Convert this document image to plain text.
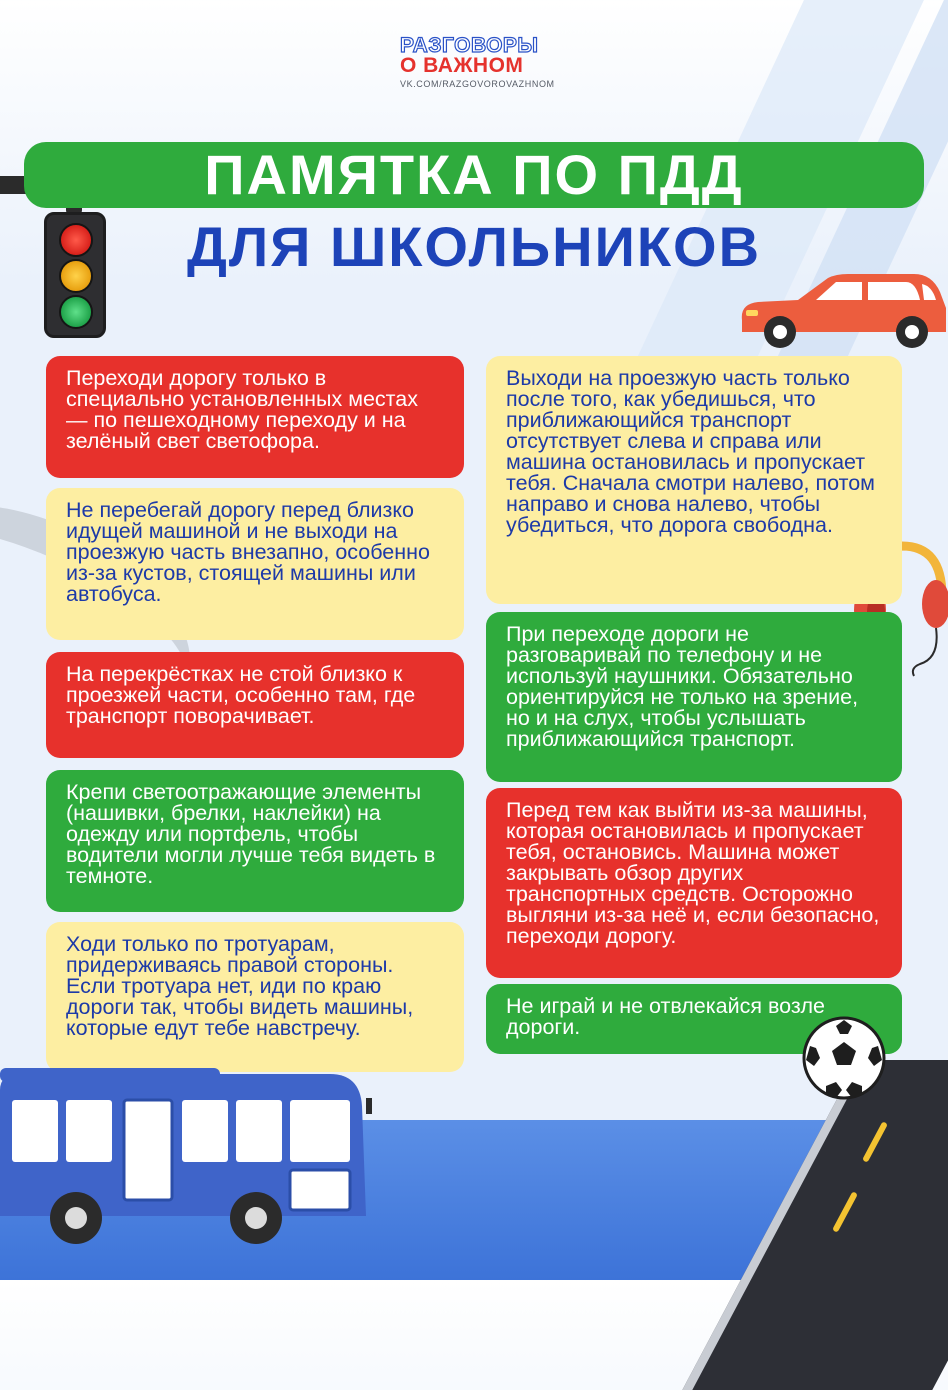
РАЗГОВОРЫ
О ВАЖНОМ
VK.COM/RAZGOVOROVAZHNOM
ПАМЯТКА ПО ПДД
ДЛЯ ШКОЛЬНИКОВ
Переходи дорогу только в специально установленных местах — по пешеходному переходу и на зелёный свет светофора.
Не перебегай дорогу перед близко идущей машиной и не выходи на проезжую часть внезапно, особенно из-за кустов, стоящей машины или автобуса.
На перекрёстках не стой близко к проезжей части, особенно там, где транспорт поворачивает.
Крепи светоотражающие элементы (нашивки, брелки, наклейки) на одежду или портфель, чтобы водители могли лучше тебя видеть в темноте.
Ходи только по тротуарам, придерживаясь правой стороны. Если тротуара нет, иди по краю дороги так, чтобы видеть машины, которые едут тебе навстречу.
Выходи на проезжую часть только после того, как убедишься, что приближающийся транспорт отсутствует слева и справа или машина остановилась и пропускает тебя. Сначала смотри налево, потом направо и снова налево, чтобы убедиться, что дорога свободна.
При переходе дороги не разговаривай по телефону и не используй наушники. Обязательно ориентируйся не только на зрение, но и на слух, чтобы услышать приближающийся транспорт.
Перед тем как выйти из-за машины, которая остановилась и пропускает тебя, остановись. Машина может закрывать обзор других транспортных средств. Осторожно выгляни из-за неё и, если безопасно, переходи дорогу.
Не играй и не отвлекайся возле дороги.
